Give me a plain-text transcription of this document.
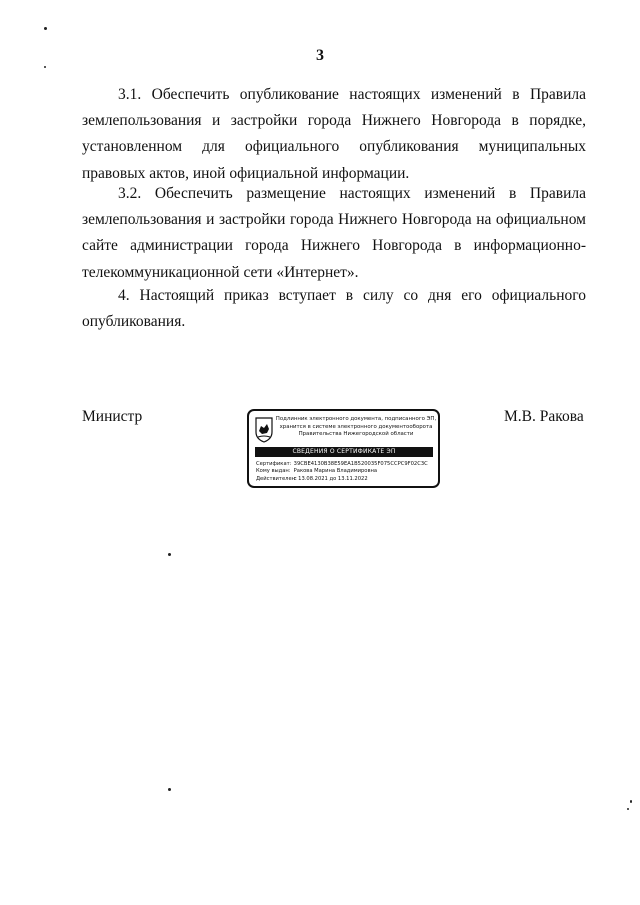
3

3.1. Обеспечить опубликование настоящих изменений в Правила землепользования и застройки города Нижнего Новгорода в порядке, установленном для официального опубликования муниципальных правовых актов, иной официальной информации.

3.2. Обеспечить размещение настоящих изменений в Правила землепользования и застройки города Нижнего Новгорода на официальном сайте администрации города Нижнего Новгорода в информационно-телекоммуникационной сети «Интернет».

4. Настоящий приказ вступает в силу со дня его официального опубликования.

Министр	М.В. Ракова
Подлинник электронного документа, подписанного ЭП,
хранится в системе электронного документооборота
Правительства Нижегородской области
СВЕДЕНИЯ О СЕРТИФИКАТЕ ЭП
Сертификат: 39CBE4130B38E59EA1B520035F075CCPC9F02C3C
Кому выдан: Ракова Марина Владимировна
Действителен: с 13.08.2021 до 13.11.2022
